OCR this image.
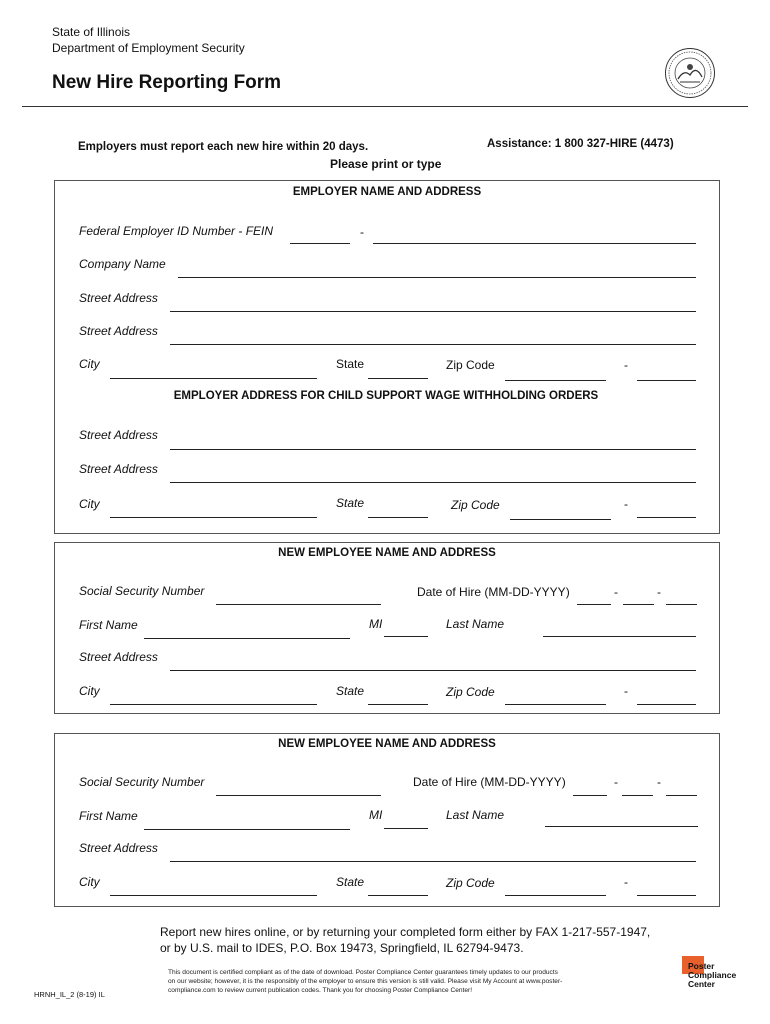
State of Illinois
Department of Employment Security
New Hire Reporting Form
Employers must report each new hire within 20 days.	Assistance: 1 800 327-HIRE (4473)
Please print or type
EMPLOYER NAME AND ADDRESS
Federal Employer ID Number - FEIN	-
Company Name
Street Address
Street Address
City	State	Zip Code	-
EMPLOYER ADDRESS FOR CHILD SUPPORT WAGE WITHHOLDING ORDERS
Street Address
Street Address
City	State	Zip Code	-
NEW EMPLOYEE NAME AND ADDRESS
Social Security Number	Date of Hire (MM-DD-YYYY)	-	-
First Name	MI	Last Name
Street Address
City	State	Zip Code	-
NEW EMPLOYEE NAME AND ADDRESS
Social Security Number	Date of Hire (MM-DD-YYYY)	-	-
First Name	MI	Last Name
Street Address
City	State	Zip Code	-
Report new hires online, or by returning your completed form either by FAX 1-217-557-1947,
or by U.S. mail to IDES, P.O. Box 19473, Springfield, IL 62794-9473.
HRNH_IL_2 (8-19) IL
This document is certified compliant as of the date of download. Poster Compliance Center guarantees timely updates to our products
on our website; however, it is the responsibly of the employer to ensure this version is still valid. Please visit My Account at www.poster-
compliance.com to review current publication codes. Thank you for choosing Poster Compliance Center!
Poster
Compliance
Center
